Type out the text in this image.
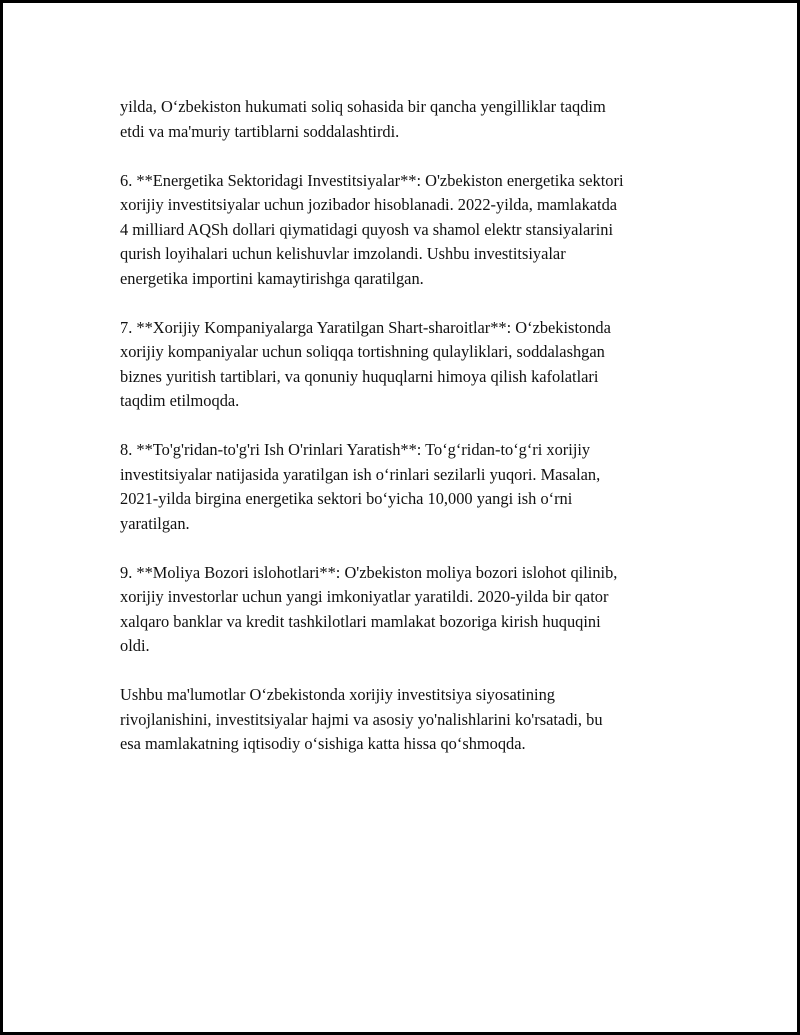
yilda, O‘zbekiston hukumati soliq sohasida bir qancha yengilliklar taqdim
etdi va ma'muriy tartiblarni soddalashtirdi.

6. **Energetika Sektoridagi Investitsiyalar**: O'zbekiston energetika sektori
xorijiy investitsiyalar uchun jozibador hisoblanadi. 2022-yilda, mamlakatda
4 milliard AQSh dollari qiymatidagi quyosh va shamol elektr stansiyalarini
qurish loyihalari uchun kelishuvlar imzolandi. Ushbu investitsiyalar
energetika importini kamaytirishga qaratilgan.

7. **Xorijiy Kompaniyalarga Yaratilgan Shart-sharoitlar**: O‘zbekistonda
xorijiy kompaniyalar uchun soliqqa tortishning qulayliklari, soddalashgan
biznes yuritish tartiblari, va qonuniy huquqlarni himoya qilish kafolatlari
taqdim etilmoqda.

8. **To'g'ridan-to'g'ri Ish O'rinlari Yaratish**: To‘g‘ridan-to‘g‘ri xorijiy
investitsiyalar natijasida yaratilgan ish o‘rinlari sezilarli yuqori. Masalan,
2021-yilda birgina energetika sektori bo‘yicha 10,000 yangi ish o‘rni
yaratilgan.

9. **Moliya Bozori islohotlari**: O'zbekiston moliya bozori islohot qilinib,
xorijiy investorlar uchun yangi imkoniyatlar yaratildi. 2020-yilda bir qator
xalqaro banklar va kredit tashkilotlari mamlakat bozoriga kirish huquqini
oldi.

Ushbu ma'lumotlar O‘zbekistonda xorijiy investitsiya siyosatining
rivojlanishini, investitsiyalar hajmi va asosiy yo'nalishlarini ko'rsatadi, bu
esa mamlakatning iqtisodiy o‘sishiga katta hissa qo‘shmoqda.
